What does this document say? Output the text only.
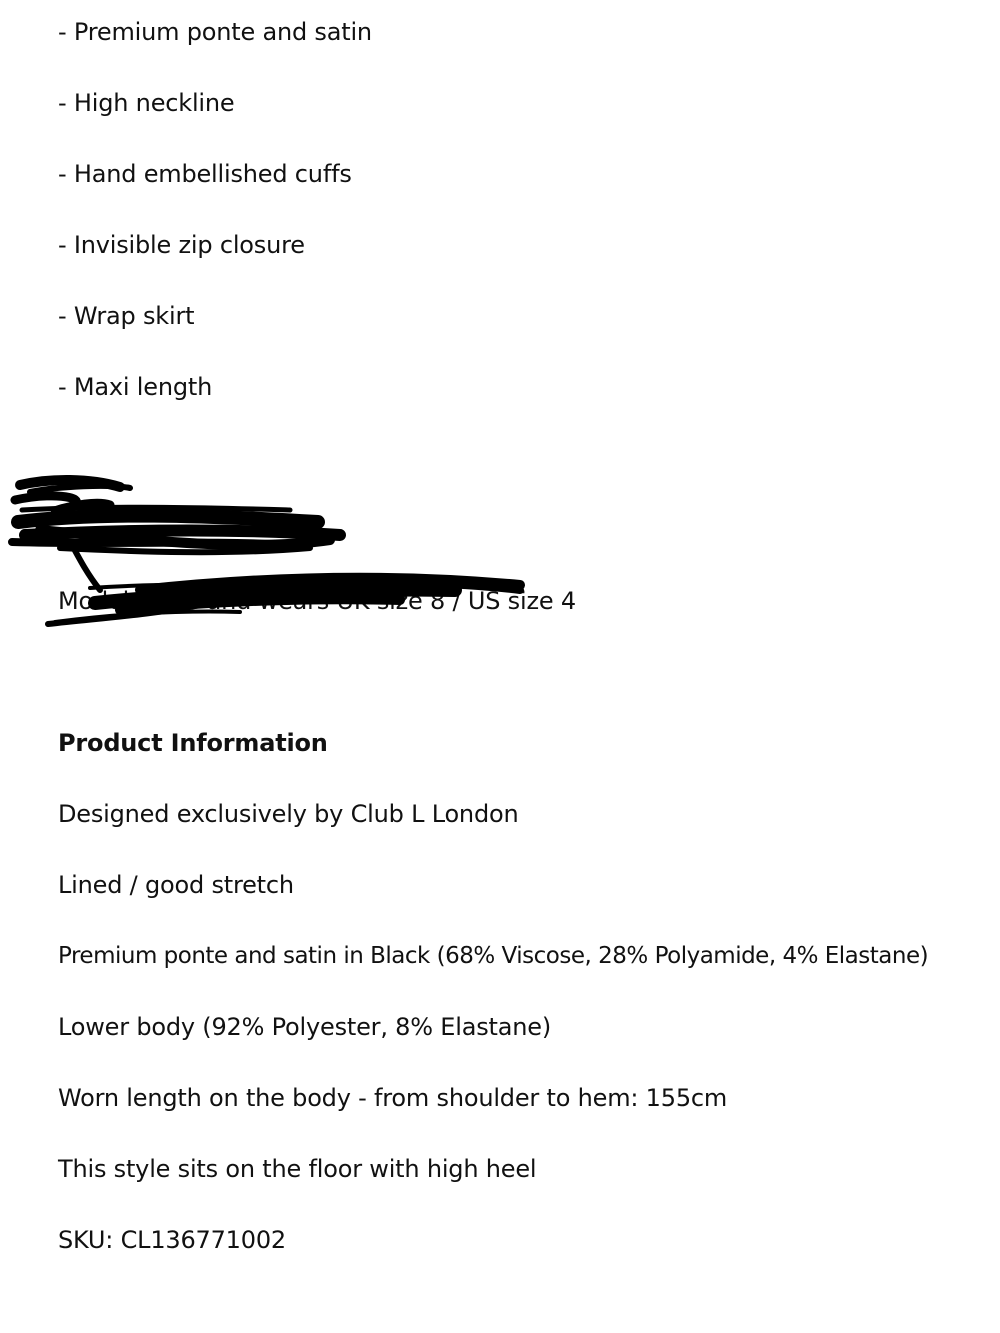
- Premium ponte and satin
- High neckline
- Hand embellished cuffs
- Invisible zip closure
- Wrap skirt
- Maxi length
Model is 5'7 and wears UK size 8 / US size 4
Product Information
Designed exclusively by Club L London
Lined / good stretch
Premium ponte and satin in Black (68% Viscose, 28% Polyamide, 4% Elastane)
Lower body (92% Polyester, 8% Elastane)
Worn length on the body - from shoulder to hem: 155cm
This style sits on the floor with high heel
SKU: CL136771002
